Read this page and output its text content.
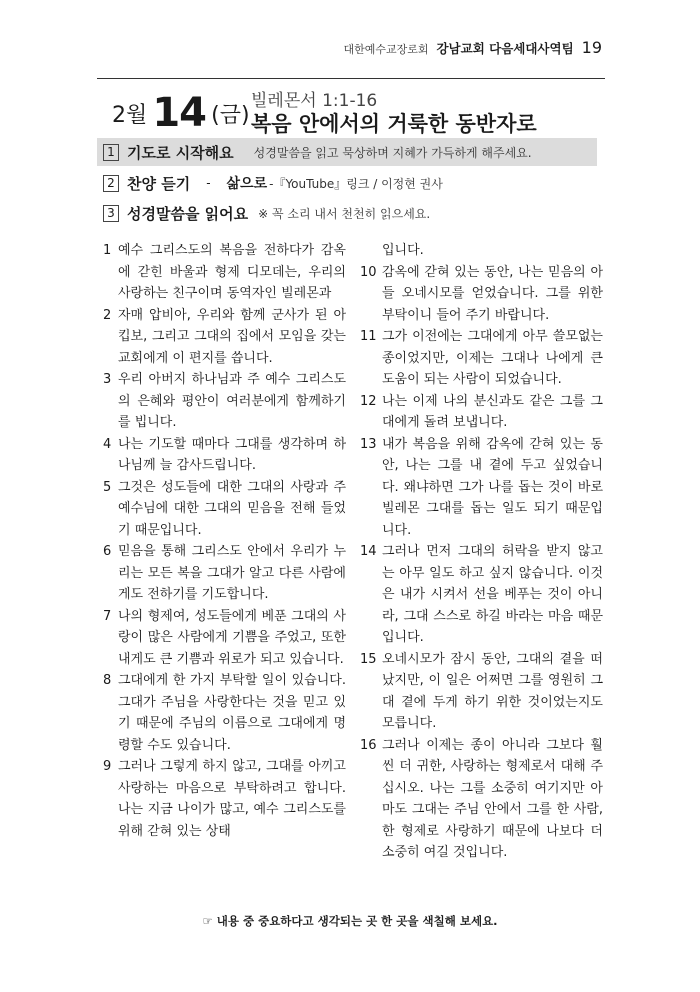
대한예수교장로회 강남교회 다음세대사역팀 19
2월 14 (금)
빌레몬서 1:1-16
복음 안에서의 거룩한 동반자로
1 기도로 시작해요 성경말씀을 읽고 묵상하며 지혜가 가득하게 해주세요.
2 찬양 듣기 - 삶으로 -『YouTube』링크 / 이정현 권사
3 성경말씀을 읽어요 ※ 꼭 소리 내서 천천히 읽으세요.
1 예수 그리스도의 복음을 전하다가 감옥에 갇힌 바울과 형제 디모데는, 우리의 사랑하는 친구이며 동역자인 빌레몬과
2 자매 압비아, 우리와 함께 군사가 된 아킵보, 그리고 그대의 집에서 모임을 갖는 교회에게 이 편지를 씁니다.
3 우리 아버지 하나님과 주 예수 그리스도의 은혜와 평안이 여러분에게 함께하기를 빕니다.
4 나는 기도할 때마다 그대를 생각하며 하나님께 늘 감사드립니다.
5 그것은 성도들에 대한 그대의 사랑과 주 예수님에 대한 그대의 믿음을 전해 들었기 때문입니다.
6 믿음을 통해 그리스도 안에서 우리가 누리는 모든 복을 그대가 알고 다른 사람에게도 전하기를 기도합니다.
7 나의 형제여, 성도들에게 베푼 그대의 사랑이 많은 사람에게 기쁨을 주었고, 또한 내게도 큰 기쁨과 위로가 되고 있습니다.
8 그대에게 한 가지 부탁할 일이 있습니다. 그대가 주님을 사랑한다는 것을 믿고 있기 때문에 주님의 이름으로 그대에게 명령할 수도 있습니다.
9 그러나 그렇게 하지 않고, 그대를 아끼고 사랑하는 마음으로 부탁하려고 합니다. 나는 지금 나이가 많고, 예수 그리스도를 위해 갇혀 있는 상태
입니다.
10 감옥에 갇혀 있는 동안, 나는 믿음의 아들 오네시모를 얻었습니다. 그를 위한 부탁이니 들어 주기 바랍니다.
11 그가 이전에는 그대에게 아무 쓸모없는 종이었지만, 이제는 그대나 나에게 큰 도움이 되는 사람이 되었습니다.
12 나는 이제 나의 분신과도 같은 그를 그대에게 돌려 보냅니다.
13 내가 복음을 위해 감옥에 갇혀 있는 동안, 나는 그를 내 곁에 두고 싶었습니다. 왜냐하면 그가 나를 돕는 것이 바로 빌레몬 그대를 돕는 일도 되기 때문입니다.
14 그러나 먼저 그대의 허락을 받지 않고는 아무 일도 하고 싶지 않습니다. 이것은 내가 시켜서 선을 베푸는 것이 아니라, 그대 스스로 하길 바라는 마음 때문입니다.
15 오네시모가 잠시 동안, 그대의 곁을 떠났지만, 이 일은 어쩌면 그를 영원히 그대 곁에 두게 하기 위한 것이었는지도 모릅니다.
16 그러나 이제는 종이 아니라 그보다 훨씬 더 귀한, 사랑하는 형제로서 대해 주십시오. 나는 그를 소중히 여기지만 아마도 그대는 주님 안에서 그를 한 사람, 한 형제로 사랑하기 때문에 나보다 더 소중히 여길 것입니다.
☞ 내용 중 중요하다고 생각되는 곳 한 곳을 색칠해 보세요.
